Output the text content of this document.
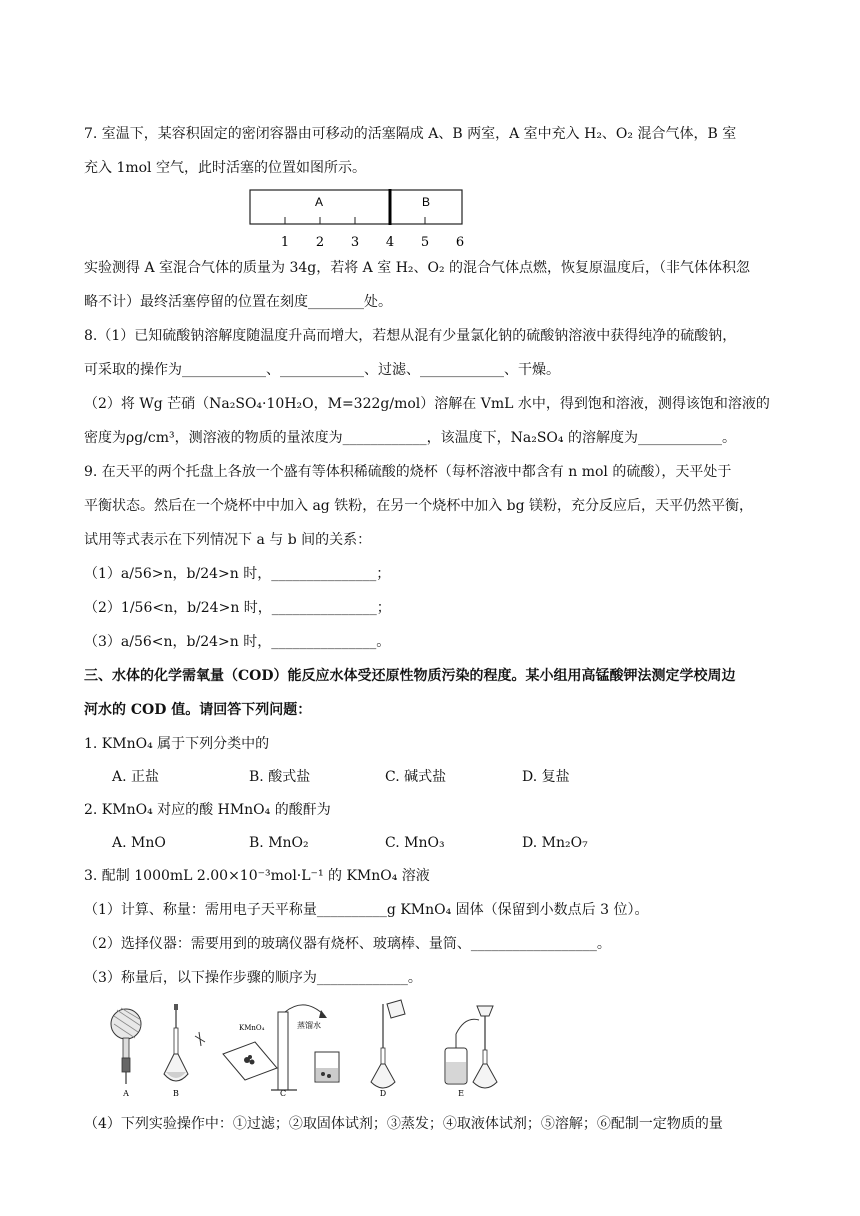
7. 室温下，某容积固定的密闭容器由可移动的活塞隔成 A、B 两室，A 室中充入 H₂、O₂ 混合气体，B 室
充入 1mol 空气，此时活塞的位置如图所示。
A	B
1 2 3 4 5 6
实验测得 A 室混合气体的质量为 34g，若将 A 室 H₂、O₂ 的混合气体点燃，恢复原温度后，（非气体体积忽
略不计）最终活塞停留的位置在刻度________处。
8.（1）已知硫酸钠溶解度随温度升高而增大，若想从混有少量氯化钠的硫酸钠溶液中获得纯净的硫酸钠，
可采取的操作为____________、____________、过滤、____________、干燥。
（2）将 Wg 芒硝（Na₂SO₄·10H₂O，M=322g/mol）溶解在 VmL 水中，得到饱和溶液，测得该饱和溶液的
密度为ρg/cm³，测溶液的物质的量浓度为____________，该温度下，Na₂SO₄ 的溶解度为____________。
9. 在天平的两个托盘上各放一个盛有等体积稀硫酸的烧杯（每杯溶液中都含有 n mol 的硫酸），天平处于
平衡状态。然后在一个烧杯中中加入 ag 铁粉，在另一个烧杯中加入 bg 镁粉，充分反应后，天平仍然平衡，
试用等式表示在下列情况下 a 与 b 间的关系：
（1）a/56>n，b/24>n 时，_______________；
（2）1/56<n，b/24>n 时，_______________；
（3）a/56<n，b/24>n 时，_______________。
三、水体的化学需氧量（COD）能反应水体受还原性物质污染的程度。某小组用高锰酸钾法测定学校周边
河水的 COD 值。请回答下列问题：
1. KMnO₄ 属于下列分类中的
A. 正盐	B. 酸式盐	C. 碱式盐	D. 复盐
2. KMnO₄ 对应的酸 HMnO₄ 的酸酐为
A. MnO	B. MnO₂	C. MnO₃	D. Mn₂O₇
3. 配制 1000mL 2.00×10⁻³mol·L⁻¹ 的 KMnO₄ 溶液
（1）计算、称量：需用电子天平称量__________g KMnO₄ 固体（保留到小数点后 3 位）。
（2）选择仪器：需要用到的玻璃仪器有烧杯、玻璃棒、量筒、__________________。
（3）称量后，以下操作步骤的顺序为_____________。
A	B
KMnO₄	蒸馏水
C	D	E
（4）下列实验操作中：①过滤；②取固体试剂；③蒸发；④取液体试剂；⑤溶解；⑥配制一定物质的量
